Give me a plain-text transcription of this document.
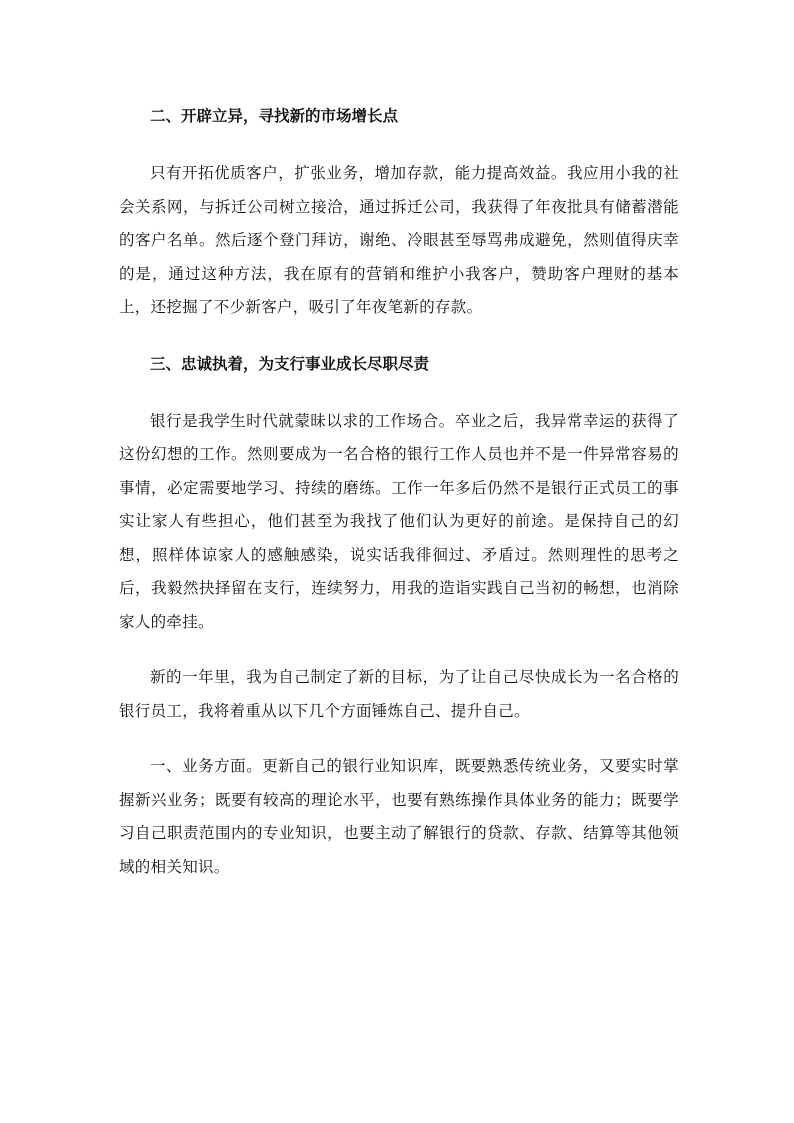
二、开辟立异，寻找新的市场增长点

只有开拓优质客户，扩张业务，增加存款，能力提高效益。我应用小我的社会关系网，与拆迁公司树立接洽，通过拆迁公司，我获得了年夜批具有储蓄潜能的客户名单。然后逐个登门拜访，谢绝、冷眼甚至辱骂弗成避免，然则值得庆幸的是，通过这种方法，我在原有的营销和维护小我客户，赞助客户理财的基本上，还挖掘了不少新客户，吸引了年夜笔新的存款。

三、忠诚执着，为支行事业成长尽职尽责

银行是我学生时代就蒙昧以求的工作场合。卒业之后，我异常幸运的获得了这份幻想的工作。然则要成为一名合格的银行工作人员也并不是一件异常容易的事情，必定需要地学习、持续的磨练。工作一年多后仍然不是银行正式员工的事实让家人有些担心，他们甚至为我找了他们认为更好的前途。是保持自己的幻想，照样体谅家人的感触感染，说实话我徘徊过、矛盾过。然则理性的思考之后，我毅然抉择留在支行，连续努力，用我的造诣实践自己当初的畅想，也消除家人的牵挂。

新的一年里，我为自己制定了新的目标，为了让自己尽快成长为一名合格的银行员工，我将着重从以下几个方面锤炼自己、提升自己。

一、业务方面。更新自己的银行业知识库，既要熟悉传统业务，又要实时掌握新兴业务；既要有较高的理论水平，也要有熟练操作具体业务的能力；既要学习自己职责范围内的专业知识，也要主动了解银行的贷款、存款、结算等其他领域的相关知识。
